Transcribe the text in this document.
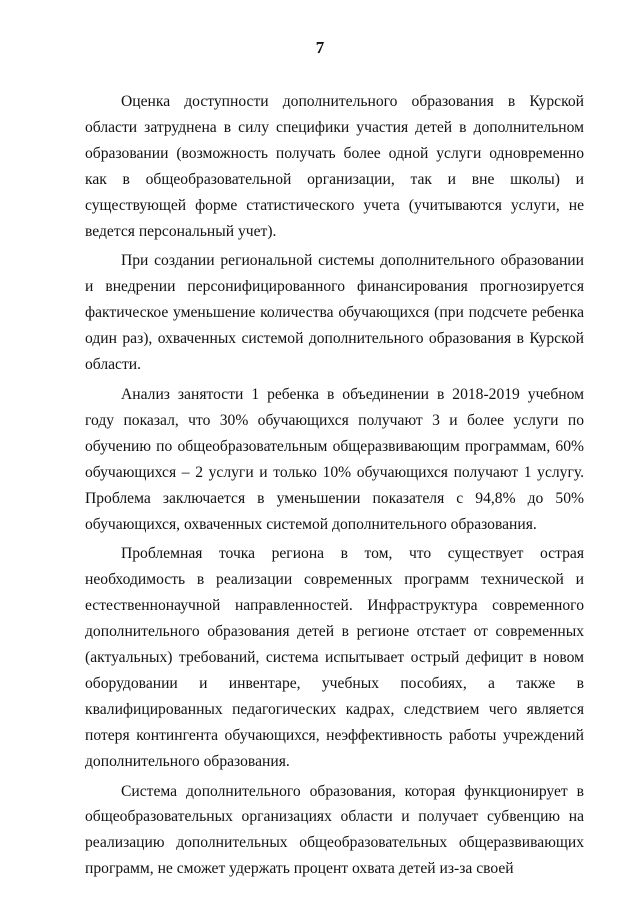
7

Оценка доступности дополнительного образования в Курской области затруднена в силу специфики участия детей в дополнительном образовании (возможность получать более одной услуги одновременно как в общеобразовательной организации, так и вне школы) и существующей форме статистического учета (учитываются услуги, не ведется персональный учет).

При создании региональной системы дополнительного образовании и внедрении персонифицированного финансирования прогнозируется фактическое уменьшение количества обучающихся (при подсчете ребенка один раз), охваченных системой дополнительного образования в Курской области.

Анализ занятости 1 ребенка в объединении в 2018-2019 учебном году показал, что 30% обучающихся получают 3 и более услуги по обучению по общеобразовательным общеразвивающим программам, 60% обучающихся – 2 услуги и только 10% обучающихся получают 1 услугу. Проблема заключается в уменьшении показателя с 94,8% до 50% обучающихся, охваченных системой дополнительного образования.

Проблемная точка региона в том, что существует острая необходимость в реализации современных программ технической и естественнонаучной направленностей. Инфраструктура современного дополнительного образования детей в регионе отстает от современных (актуальных) требований, система испытывает острый дефицит в новом оборудовании и инвентаре, учебных пособиях, а также в квалифицированных педагогических кадрах, следствием чего является потеря контингента обучающихся, неэффективность работы учреждений дополнительного образования.

Система дополнительного образования, которая функционирует в общеобразовательных организациях области и получает субвенцию на реализацию дополнительных общеобразовательных общеразвивающих программ, не сможет удержать процент охвата детей из-за своей
